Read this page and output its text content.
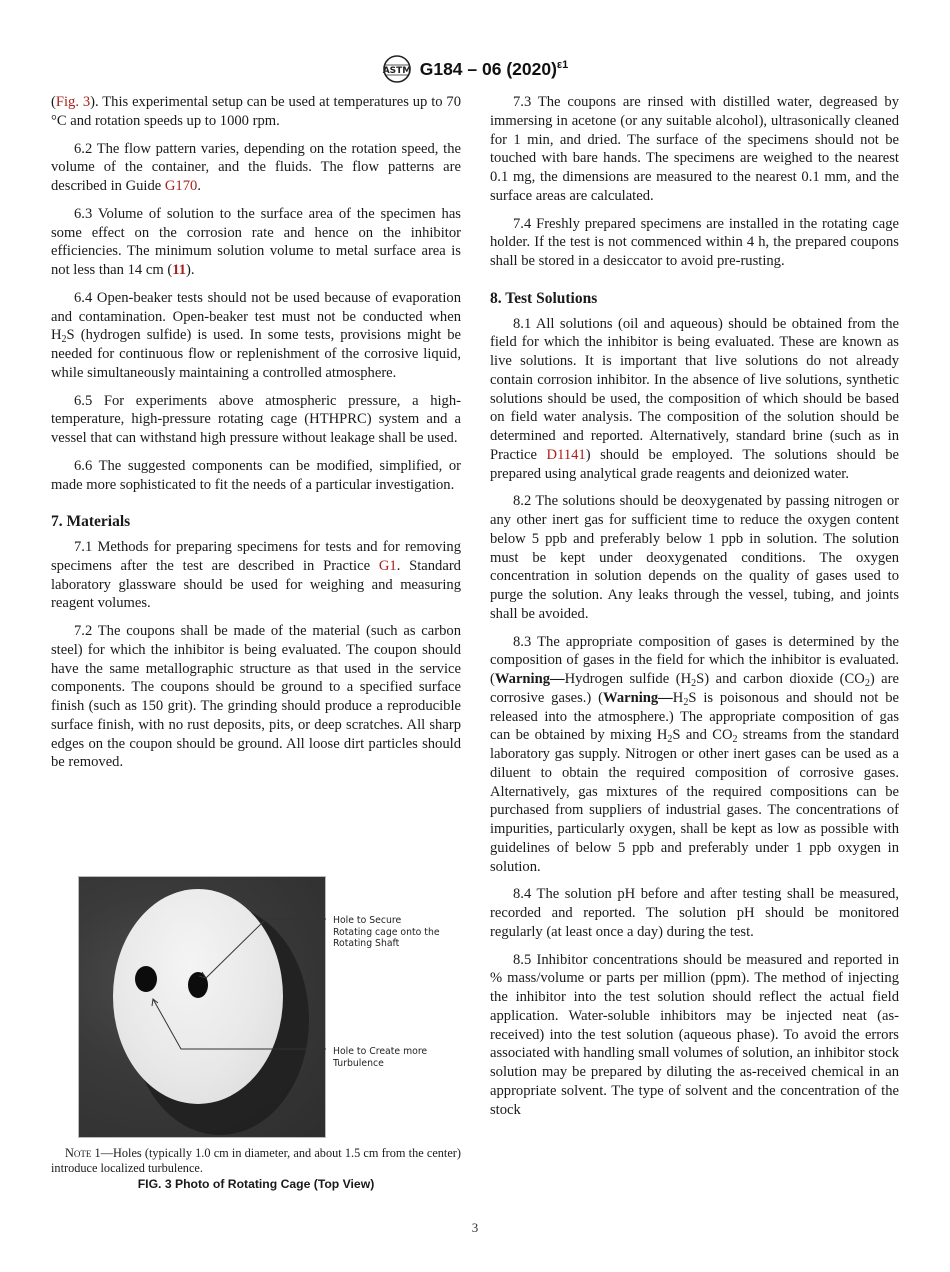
ASTM G184 – 06 $(2020)^{\varepsilon 1}$

(Fig. 3). This experimental setup can be used at temperatures up to 70 °C and rotation speeds up to 1000 rpm.

6.2 The flow pattern varies, depending on the rotation speed, the volume of the container, and the fluids. The flow patterns are described in Guide G170.

6.3 Volume of solution to the surface area of the specimen has some effect on the corrosion rate and hence on the inhibitor efficiencies. The minimum solution volume to metal surface area is not less than 14 cm (11).

6.4 Open-beaker tests should not be used because of evaporation and contamination. Open-beaker test must not be conducted when $H_2S$ (hydrogen sulfide) is used. In some tests, provisions might be needed for continuous flow or replenishment of the corrosive liquid, while simultaneously maintaining a controlled atmosphere.

6.5 For experiments above atmospheric pressure, a high-temperature, high-pressure rotating cage (HTHPRC) system and a vessel that can withstand high pressure without leakage shall be used.

6.6 The suggested components can be modified, simplified, or made more sophisticated to fit the needs of a particular investigation.

7. Materials

7.1 Methods for preparing specimens for tests and for removing specimens after the test are described in Practice G1. Standard laboratory glassware should be used for weighing and measuring reagent volumes.

7.2 The coupons shall be made of the material (such as carbon steel) for which the inhibitor is being evaluated. The coupon should have the same metallographic structure as that used in the service components. The coupons should be ground to a specified surface finish (such as 150 grit). The grinding should produce a reproducible surface finish, with no rust deposits, pits, or deep scratches. All sharp edges on the coupon should be ground. All loose dirt particles should be removed.

Hole to Secure Rotating cage onto the Rotating Shaft
Hole to Create more Turbulence
Note 1—Holes (typically 1.0 cm in diameter, and about 1.5 cm from the center) introduce localized turbulence.
FIG. 3 Photo of Rotating Cage (Top View)

7.3 The coupons are rinsed with distilled water, degreased by immersing in acetone (or any suitable alcohol), ultrasonically cleaned for 1 min, and dried. The surface of the specimens should not be touched with bare hands. The specimens are weighed to the nearest 0.1 mg, the dimensions are measured to the nearest 0.1 mm, and the surface areas are calculated.

7.4 Freshly prepared specimens are installed in the rotating cage holder. If the test is not commenced within 4 h, the prepared coupons shall be stored in a desiccator to avoid pre-rusting.

8. Test Solutions

8.1 All solutions (oil and aqueous) should be obtained from the field for which the inhibitor is being evaluated. These are known as live solutions. It is important that live solutions do not already contain corrosion inhibitor. In the absence of live solutions, synthetic solutions should be used, the composition of which should be based on field water analysis. The composition of the solution should be determined and reported. Alternatively, standard brine (such as in Practice D1141) should be employed. The solutions should be prepared using analytical grade reagents and deionized water.

8.2 The solutions should be deoxygenated by passing nitrogen or any other inert gas for sufficient time to reduce the oxygen content below 5 ppb and preferably below 1 ppb in solution. The solution must be kept under deoxygenated conditions. The oxygen concentration in solution depends on the quality of gases used to purge the solution. Any leaks through the vessel, tubing, and joints shall be avoided.

8.3 The appropriate composition of gases is determined by the composition of gases in the field for which the inhibitor is evaluated. (Warning—Hydrogen sulfide $(H_2S)$ and carbon dioxide $(CO_2)$ are corrosive gases.) ($Warning—H_2S$ is poisonous and should not be released into the atmosphere.) The appropriate composition of gas can be obtained by mixing $H_2S$ and $CO_2$ streams from the standard laboratory gas supply. Nitrogen or other inert gases can be used as a diluent to obtain the required composition of corrosive gases. Alternatively, gas mixtures of the required compositions can be purchased from suppliers of industrial gases. The concentrations of impurities, particularly oxygen, shall be kept as low as possible with guidelines of below 5 ppb and preferably under 1 ppb oxygen in solution.

8.4 The solution pH before and after testing shall be measured, recorded and reported. The solution pH should be monitored regularly (at least once a day) during the test.

8.5 Inhibitor concentrations should be measured and reported in % mass/volume or parts per million (ppm). The method of injecting the inhibitor into the test solution should reflect the actual field application. Water-soluble inhibitors may be injected neat (as-received) into the test solution (aqueous phase). To avoid the errors associated with handling small volumes of solution, an inhibitor stock solution may be prepared by diluting the as-received chemical in an appropriate solvent. The type of solvent and the concentration of the stock

3
